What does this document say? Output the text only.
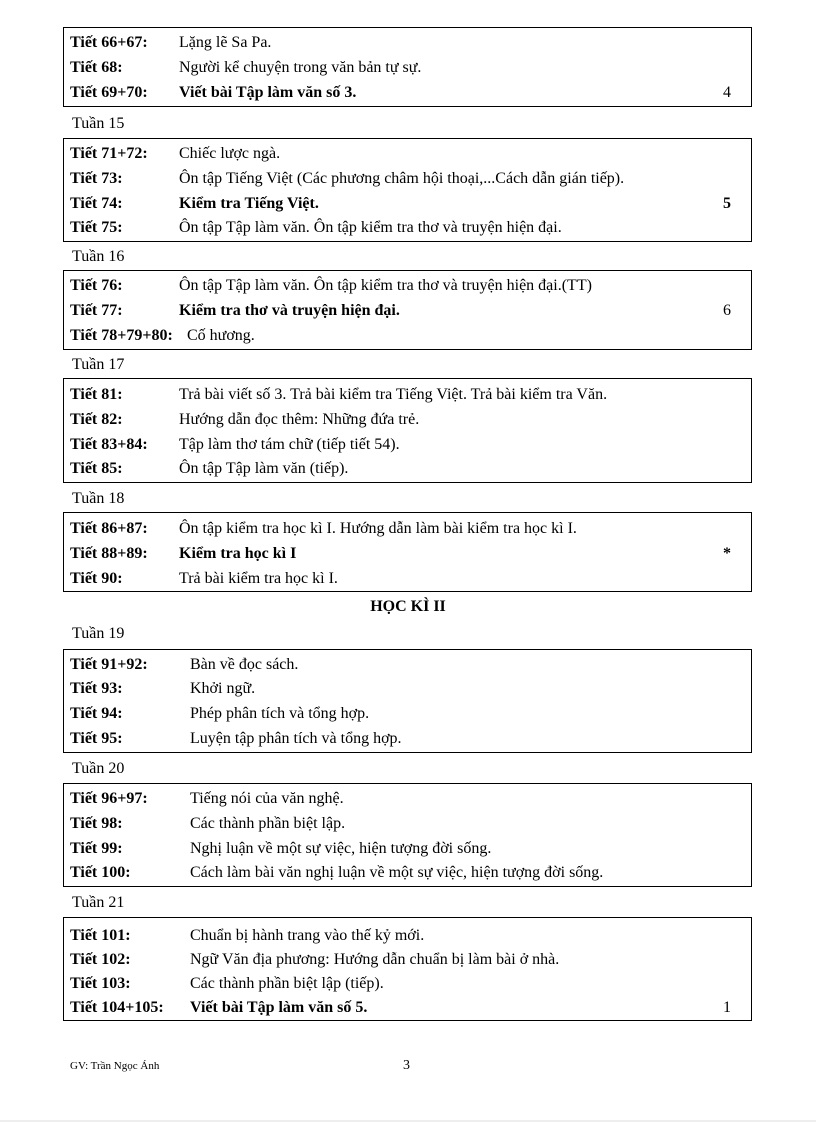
Tiết 66+67: Lặng lẽ Sa Pa.
Tiết 68:	Người kể chuyện trong văn bản tự sự.
Tiết 69+70: Viết bài Tập làm văn số 3.	4
Tuần 15
Tiết 71+72: Chiếc lược ngà.
Tiết 73:	Ôn tập Tiếng Việt (Các phương châm hội thoại,...Cách dẫn gián tiếp).
Tiết 74:	Kiểm tra Tiếng Việt.	5
Tiết 75:	Ôn tập Tập làm văn. Ôn tập kiểm tra thơ và truyện hiện đại.
Tuần 16
Tiết 76:	Ôn tập Tập làm văn. Ôn tập kiểm tra thơ và truyện hiện đại.(TT)
Tiết 77:	Kiểm tra thơ và truyện hiện đại.	6
Tiết 78+79+80: Cố hương.
Tuần 17
Tiết 81:	Trả bài viết số 3. Trả bài kiểm tra Tiếng Việt. Trả bài kiểm tra Văn.
Tiết 82:	Hướng dẫn đọc thêm: Những đứa trẻ.
Tiết 83+84: Tập làm thơ tám chữ (tiếp tiết 54).
Tiết 85:	Ôn tập Tập làm văn (tiếp).
Tuần 18
Tiết 86+87: Ôn tập kiểm tra học kì I. Hướng dẫn làm bài kiểm tra học kì I.
Tiết 88+89: Kiểm tra học kì I	*
Tiết 90:	Trả bài kiểm tra học kì I.
HỌC KÌ II
Tuần 19
Tiết 91+92:	Bàn về đọc sách.
Tiết 93:	Khởi ngữ.
Tiết 94:	Phép phân tích và tổng hợp.
Tiết 95:	Luyện tập phân tích và tổng hợp.
Tuần 20
Tiết 96+97:	Tiếng nói của văn nghệ.
Tiết 98:	Các thành phần biệt lập.
Tiết 99:	Nghị luận về một sự việc, hiện tượng đời sống.
Tiết 100:	Cách làm bài văn nghị luận về một sự việc, hiện tượng đời sống.
Tuần 21
Tiết 101:	Chuẩn bị hành trang vào thế kỷ mới.
Tiết 102:	Ngữ Văn địa phương: Hướng dẫn chuẩn bị làm bài ở nhà.
Tiết 103:	Các thành phần biệt lập (tiếp).
Tiết 104+105: Viết bài Tập làm văn số 5.	1
GV: Trần Ngọc Ánh	3
